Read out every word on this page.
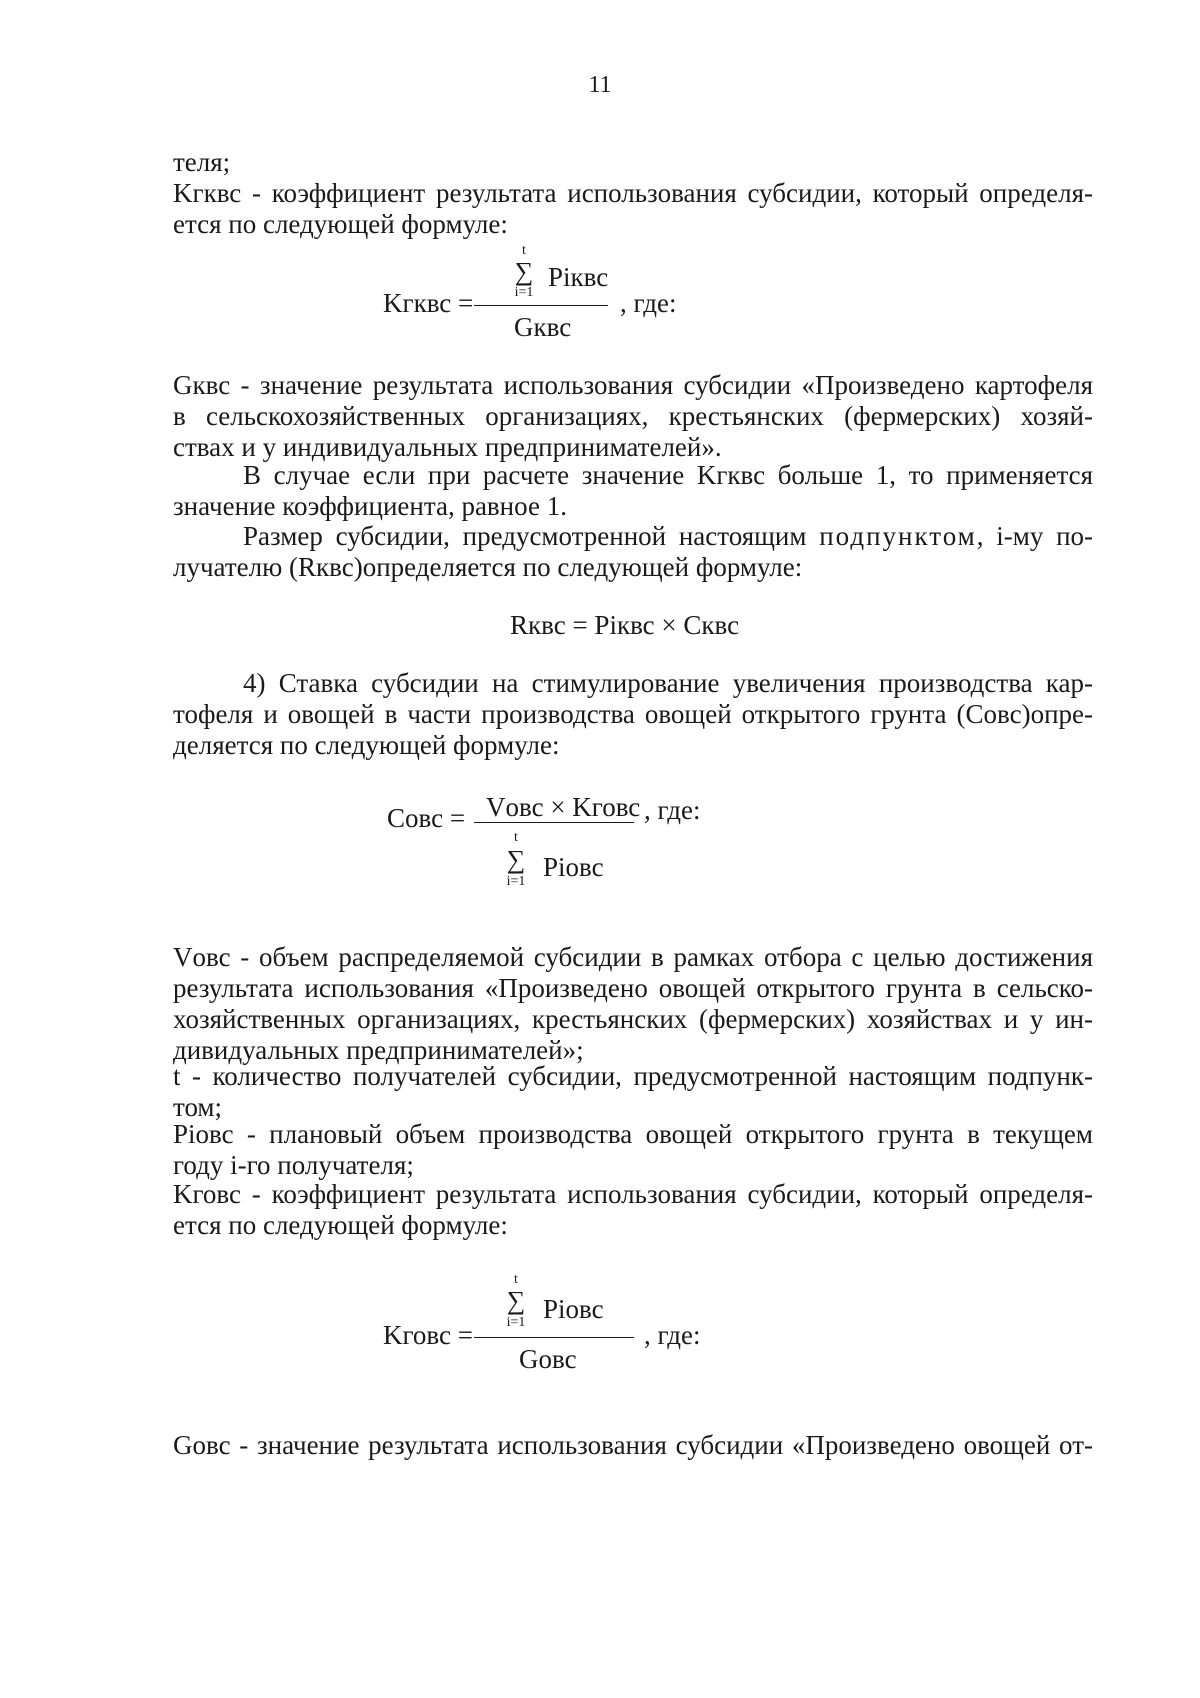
11
теля;
Kгквс - коэффициент результата использования субсидии, который определя-
ется по следующей формуле:
t
∑
i=1
Piквс
Kгквс =	, где:
Gквс
Gквс - значение результата использования субсидии «Произведено картофеля
в сельскохозяйственных организациях, крестьянских (фермерских) хозяй-
ствах и у индивидуальных предпринимателей».
В случае если при расчете значение Kгквс больше 1, то применяется
значение коэффициента, равное 1.
Размер субсидии, предусмотренной настоящим подпунктом, i-му по-
лучателю (Rквс)определяется по следующей формуле:
Rквс = Piквс × Cквс
4) Ставка субсидии на стимулирование увеличения производства кар-
тофеля и овощей в части производства овощей открытого грунта (Cовс)опре-
деляется по следующей формуле:
Vовс × Kговс
Cовс =	, где:
t
∑
i=1 Piовс
Vовс - объем распределяемой субсидии в рамках отбора с целью достижения
результата использования «Произведено овощей открытого грунта в сельско-
хозяйственных организациях, крестьянских (фермерских) хозяйствах и у ин-
дивидуальных предпринимателей»;
t - количество получателей субсидии, предусмотренной настоящим подпунк-
том;
Piовс - плановый объем производства овощей открытого грунта в текущем
году i-го получателя;
Kговс - коэффициент результата использования субсидии, который определя-
ется по следующей формуле:
t
∑
i=1 Piовс
Kговс =	, где:
Gовс
Gовс - значение результата использования субсидии «Произведено овощей от-
